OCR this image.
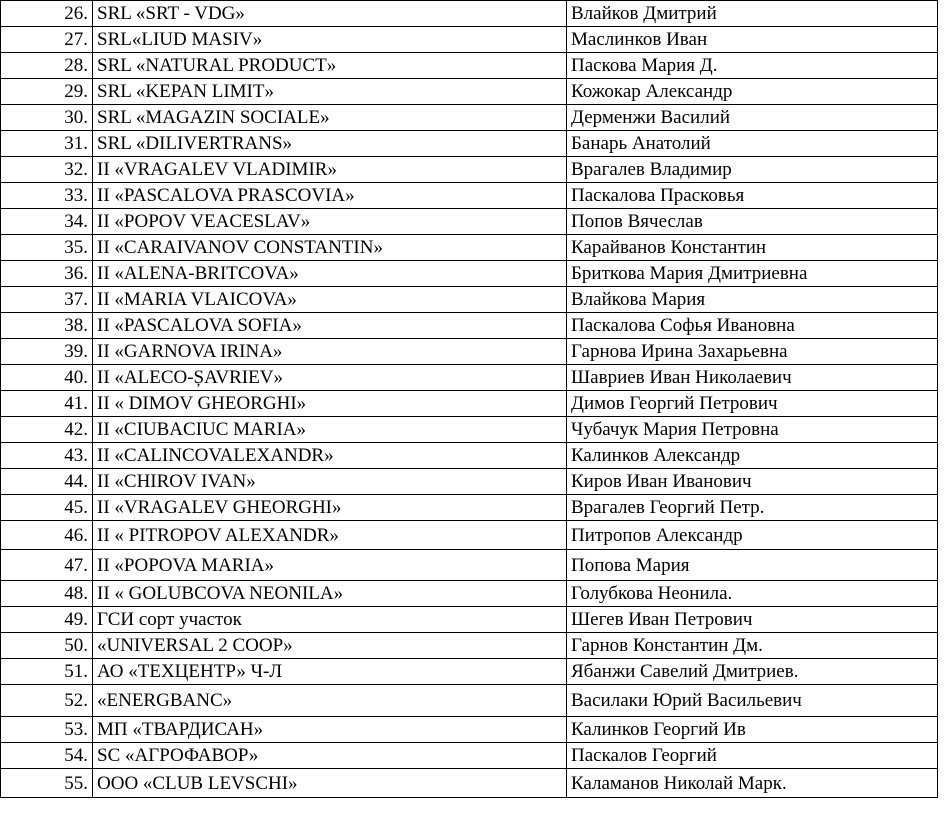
26.	SRL «SRT - VDG»	Влайков Дмитрий
27.	SRL«LIUD MASIV»	Маслинков Иван
28.	SRL «NATURAL PRODUCT»	Паскова Мария Д.
29.	SRL «KEPAN LIMIT»	Кожокар Александр
30.	SRL «MAGAZIN SOCIALE»	Дерменжи Василий
31.	SRL «DILIVERTRANS»	Банарь Анатолий
32.	II «VRAGALEV VLADIMIR»	Врагалев Владимир
33.	II «PASCALOVA PRASCOVIA»	Паскалова Прасковья
34.	II «POPOV VEACESLAV»	Попов Вячеслав
35.	II «CARAIVANOV CONSTANTIN»	Карайванов Константин
36.	II «ALENA-BRITCOVA»	Бриткова Мария Дмитриевна
37.	II «MARIA VLAICOVA»	Влайкова Мария
38.	II «PASCALOVA SOFIA»	Паскалова Софья Ивановна
39.	II «GARNOVA IRINA»	Гарнова Ирина Захарьевна
40.	II «ALECO-ȘAVRIEV»	Шавриев Иван Николаевич
41.	II « DIMOV GHEORGHI»	Димов Георгий Петрович
42.	II «CIUBACIUC MARIA»	Чубачук Мария Петровна
43.	II «CALINCOVALEXANDR»	Калинков Александр
44.	II «CHIROV IVAN»	Киров Иван Иванович
45.	II «VRAGALEV GHEORGHI»	Врагалев Георгий Петр.
46.	II « PITROPOV ALEXANDR»	Питропов Александр
47.	II «POPOVA MARIA»	Попова Мария
48.	II « GOLUBCOVA NEONILA»	Голубкова Неонила.
49.	ГСИ сорт участок	Шегев Иван Петрович
50.	«UNIVERSAL 2 COOP»	Гарнов Константин Дм.
51.	АО «ТЕХЦЕНТР» Ч-Л	Ябанжи Савелий Дмитриев.
52.	«ENERGBANC»	Василаки Юрий Васильевич
53.	МП «ТВАРДИСАН»	Калинков Георгий Ив
54.	SC «АГРОФАВОР»	Паскалов Георгий
55.	ООО «CLUB LEVSCHI»	Каламанов Николай Марк.
